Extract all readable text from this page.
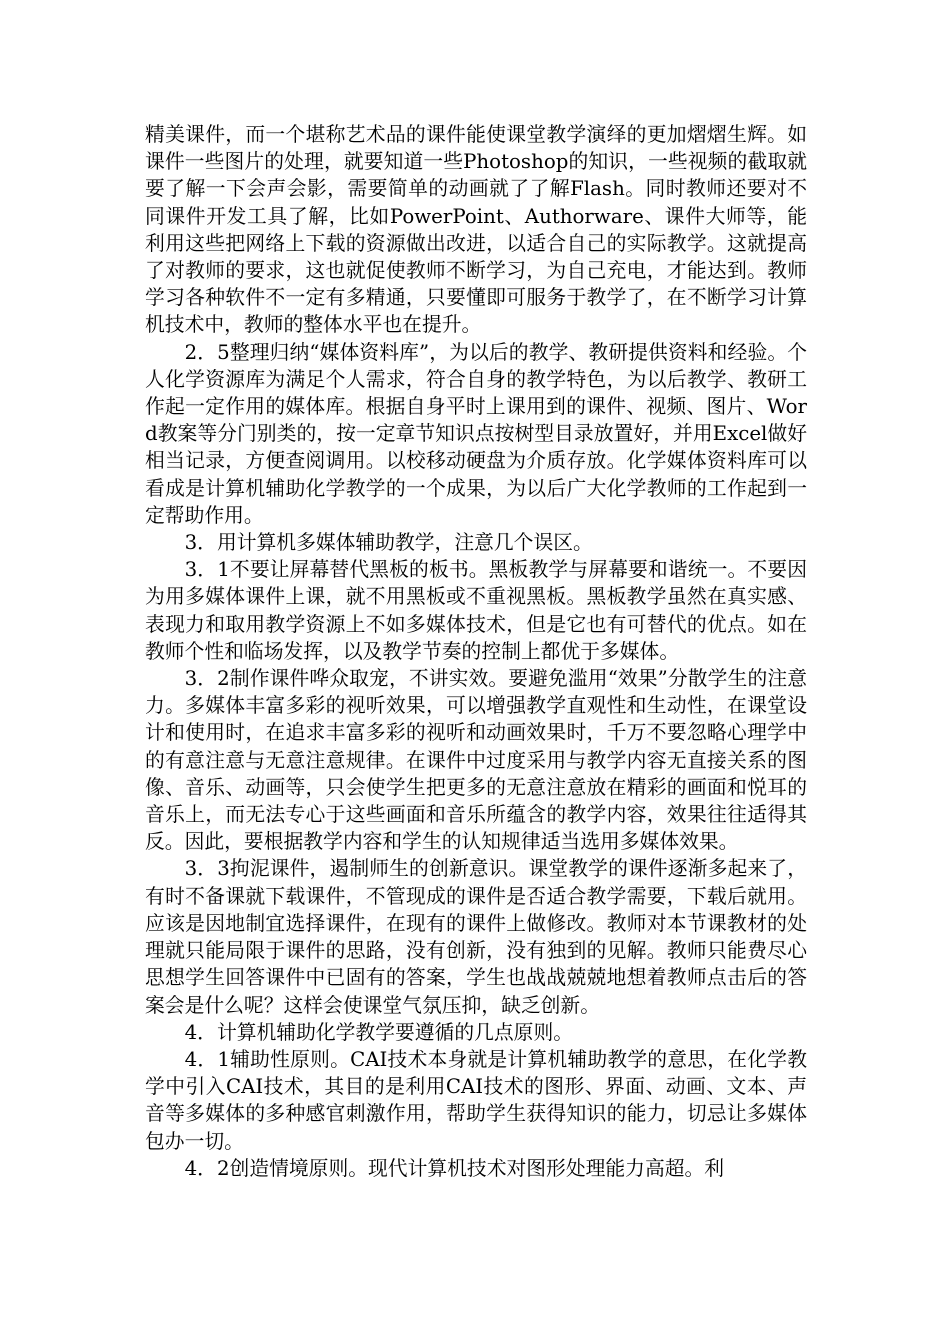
精美课件，而一个堪称艺术品的课件能使课堂教学演绎的更加熠熠生辉。如课件一些图片的处理，就要知道一些Photoshop的知识，一些视频的截取就要了解一下会声会影，需要简单的动画就了了解Flash。同时教师还要对不同课件开发工具了解，比如PowerPoint、Authorware、课件大师等，能利用这些把网络上下载的资源做出改进，以适合自己的实际教学。这就提高了对教师的要求，这也就促使教师不断学习，为自己充电，才能达到。教师学习各种软件不一定有多精通，只要懂即可服务于教学了，在不断学习计算机技术中，教师的整体水平也在提升。

2．5整理归纳“媒体资料库”，为以后的教学、教研提供资料和经验。个人化学资源库为满足个人需求，符合自身的教学特色，为以后教学、教研工作起一定作用的媒体库。根据自身平时上课用到的课件、视频、图片、Word教案等分门别类的，按一定章节知识点按树型目录放置好，并用Excel做好相当记录，方便查阅调用。以校移动硬盘为介质存放。化学媒体资料库可以看成是计算机辅助化学教学的一个成果，为以后广大化学教师的工作起到一定帮助作用。

3．用计算机多媒体辅助教学，注意几个误区。

3．1不要让屏幕替代黑板的板书。黑板教学与屏幕要和谐统一。不要因为用多媒体课件上课，就不用黑板或不重视黑板。黑板教学虽然在真实感、表现力和取用教学资源上不如多媒体技术，但是它也有可替代的优点。如在教师个性和临场发挥，以及教学节奏的控制上都优于多媒体。

3．2制作课件哗众取宠，不讲实效。要避免滥用“效果”分散学生的注意力。多媒体丰富多彩的视听效果，可以增强教学直观性和生动性，在课堂设计和使用时，在追求丰富多彩的视听和动画效果时，千万不要忽略心理学中的有意注意与无意注意规律。在课件中过度采用与教学内容无直接关系的图像、音乐、动画等，只会使学生把更多的无意注意放在精彩的画面和悦耳的音乐上，而无法专心于这些画面和音乐所蕴含的教学内容，效果往往适得其反。因此，要根据教学内容和学生的认知规律适当选用多媒体效果。

3．3拘泥课件，遏制师生的创新意识。课堂教学的课件逐渐多起来了，有时不备课就下载课件，不管现成的课件是否适合教学需要，下载后就用。应该是因地制宜选择课件，在现有的课件上做修改。教师对本节课教材的处理就只能局限于课件的思路，没有创新，没有独到的见解。教师只能费尽心思想学生回答课件中已固有的答案，学生也战战兢兢地想着教师点击后的答案会是什么呢？这样会使课堂气氛压抑，缺乏创新。

4．计算机辅助化学教学要遵循的几点原则。

4．1辅助性原则。CAI技术本身就是计算机辅助教学的意思，在化学教学中引入CAI技术，其目的是利用CAI技术的图形、界面、动画、文本、声音等多媒体的多种感官刺激作用，帮助学生获得知识的能力，切忌让多媒体包办一切。

4．2创造情境原则。现代计算机技术对图形处理能力高超。利
